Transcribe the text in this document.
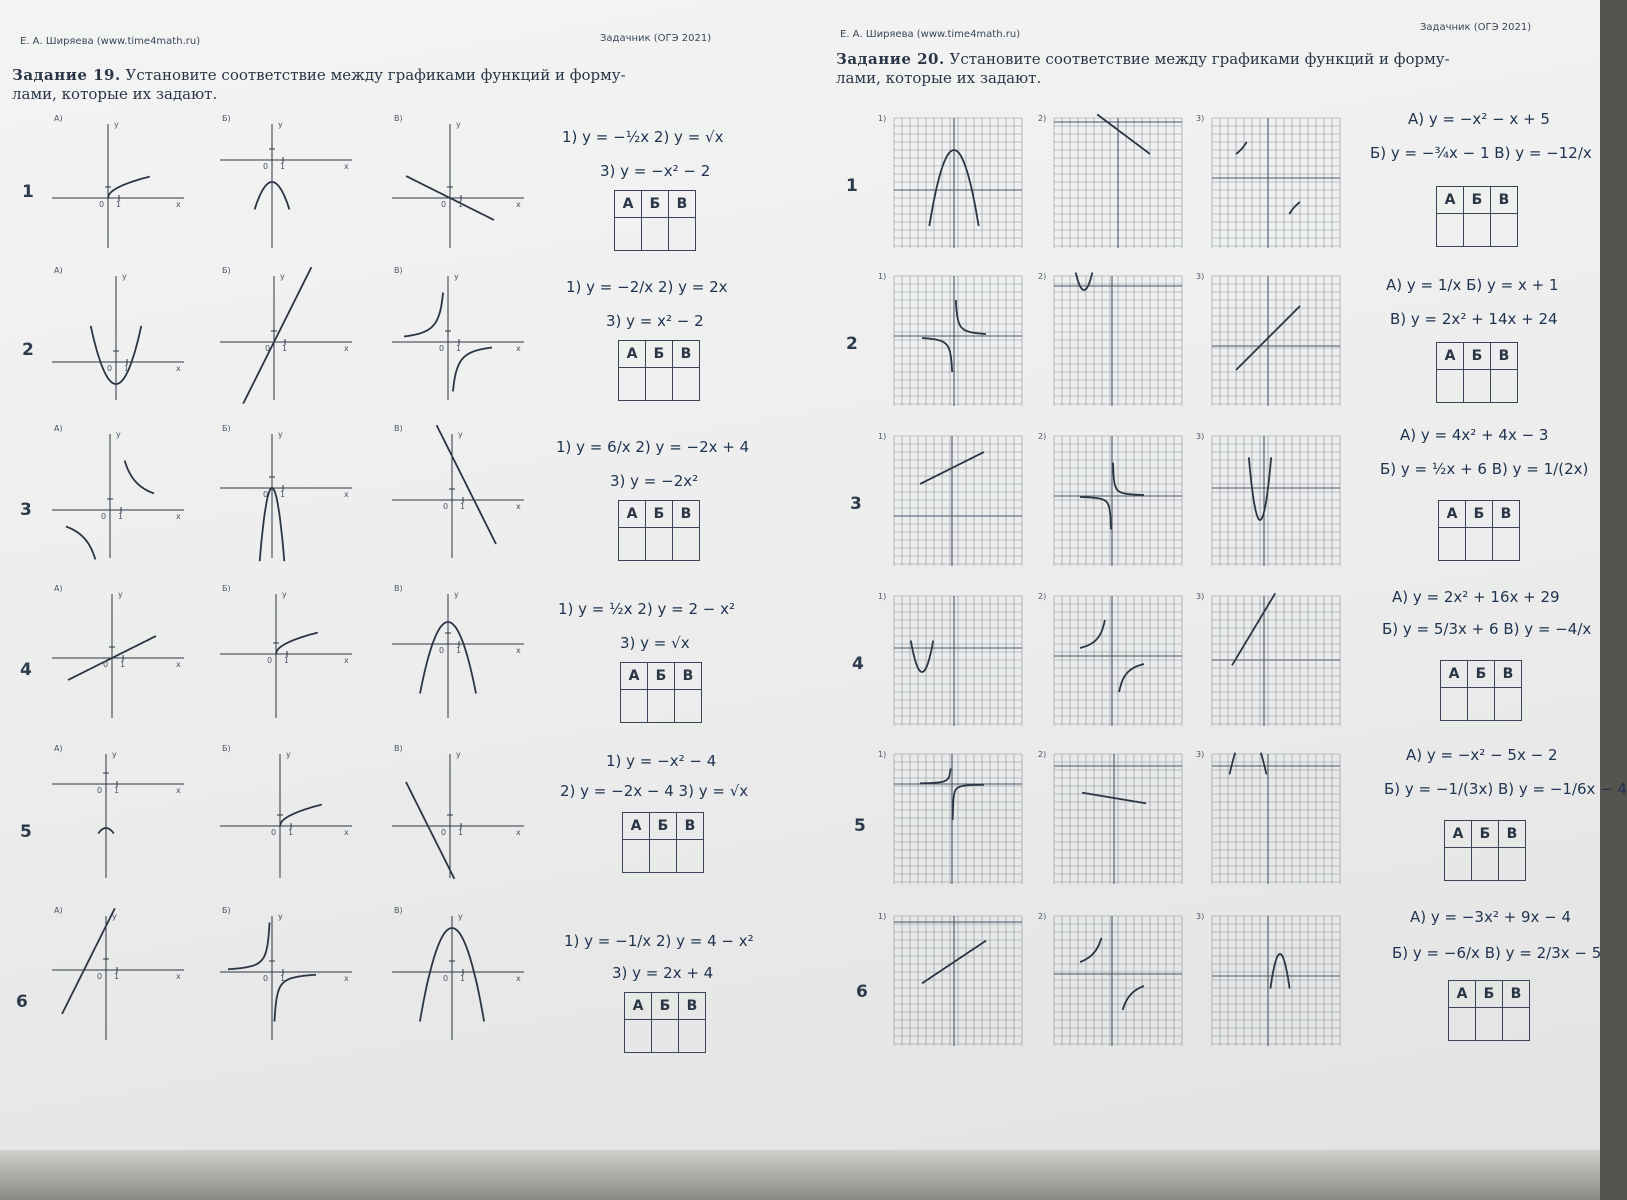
Е. А. Ширяева (www.time4math.ru)	Задачник (ОГЭ 2021)
Задание 19. Установите соответствие между графиками функций и форму-
лами, которые их задают.
Е. А. Ширяева (www.time4math.ru)
Задачник (ОГЭ 2021)
Задание 20. Установите соответствие между графиками функций и форму-
лами, которые их задают.
1
1) y = −½x 2) y = √x
3) y = −x² − 2
А	Б	В

2
1) y = −2/x 2) y = 2x
3) y = x² − 2
А	Б	В

3
1) y = 6/x 2) y = −2x + 4
3) y = −2x²
А	Б	В

4
1) y = ½x 2) y = 2 − x²
3) y = √x
А	Б	В

5
1) y = −x² − 4
2) y = −2x − 4 3) y = √x
А	Б	В

6
1) y = −1/x 2) y = 4 − x²
3) y = 2x + 4
А	Б	В

1
А) y = −x² − x + 5
Б) y = −¾x − 1 В) y = −12/x
А	Б	В

2
А) y = 1/x Б) y = x + 1
В) y = 2x² + 14x + 24
А	Б	В

3
А) y = 4x² + 4x − 3
Б) y = ½x + 6 В) y = 1/(2x)
А	Б	В

4
А) y = 2x² + 16x + 29
Б) y = 5/3x + 6 В) y = −4/x
А	Б	В

5
А) y = −x² − 5x − 2
Б) y = −1/(3x) В) y = −1/6x − 4
А	Б	В

6
А) y = −3x² + 9x − 4
Б) y = −6/x В) y = 2/3x − 5
А	Б	В

А)
y
x
0 1
Б)
y
x
0 1
В)
y
x
0 1
А)
y
x
0 1
Б)
y
x
0 1
В)
y
x
0 1
А)
y
x
0 1
Б)
y
x
0 1
В)
y
x
0 1
А)
y
x
0 1
Б)
y
x
0 1
В)
y
x
0 1
А)
y
x
0 1
Б)
y
x
0 1
В)
y
x
0 1
А)
y
x
0 1
Б)
y
x
0 1
В)
y
x
0 1
1)	2)	3)
1)	2)	3)
1)	2)	3)
1)	2)	3)
1)	2)	3)
1)	2)	3)
